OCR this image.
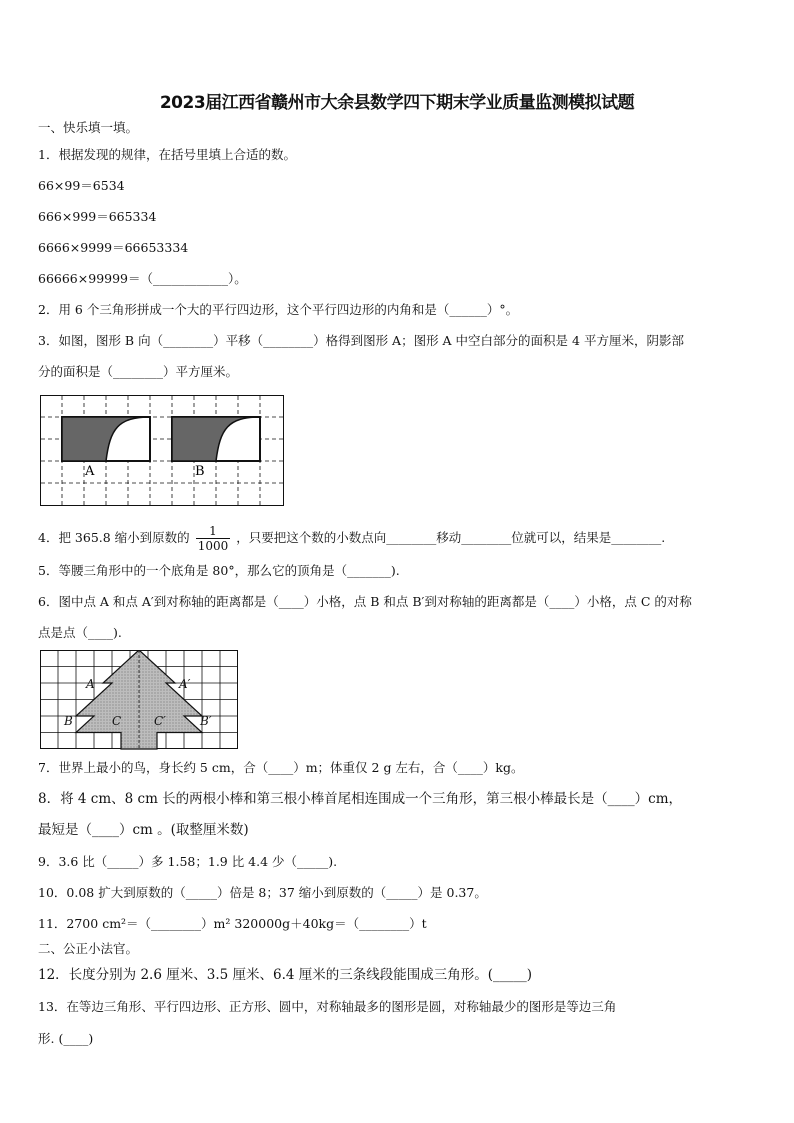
2023届江西省赣州市大余县数学四下期末学业质量监测模拟试题
一、快乐填一填。
1．根据发现的规律，在括号里填上合适的数。
66×99＝6534
666×999＝665334
6666×9999＝66653334
66666×99999＝（____________）。
2．用 6 个三角形拼成一个大的平行四边形，这个平行四边形的内角和是（______）°。
3．如图，图形 B 向（________）平移（________）格得到图形 A；图形 A 中空白部分的面积是 4 平方厘米，阴影部
分的面积是（________）平方厘米。
A	B
4．把 365.8 缩小到原数的 $\frac{1}{1000}$ ，只要把这个数的小数点向________移动________位就可以，结果是________.
5．等腰三角形中的一个底角是 80°，那么它的顶角是（_______).
6．图中点 A 和点 A′到对称轴的距离都是（____）小格，点 B 和点 B′到对称轴的距离都是（____）小格，点 C 的对称
点是点（____).
A	A′
B	C	C′	B′
7．世界上最小的鸟，身长约 5 cm，合（____）m；体重仅 2 g 左右，合（____）kg。
8．将 4 cm、8 cm 长的两根小棒和第三根小棒首尾相连围成一个三角形，第三根小棒最长是（____）cm，
最短是（____）cm 。(取整厘米数)
9．3.6 比（_____）多 1.58；1.9 比 4.4 少（_____).
10．0.08 扩大到原数的（_____）倍是 8；37 缩小到原数的（_____）是 0.37。
11．2700 cm²＝（________）m² 320000g＋40kg＝（________）t
二、公正小法官。
12．长度分别为 2.6 厘米、3.5 厘米、6.4 厘米的三条线段能围成三角形。(_____)
13．在等边三角形、平行四边形、正方形、圆中，对称轴最多的图形是圆，对称轴最少的图形是等边三角
形. (____)
